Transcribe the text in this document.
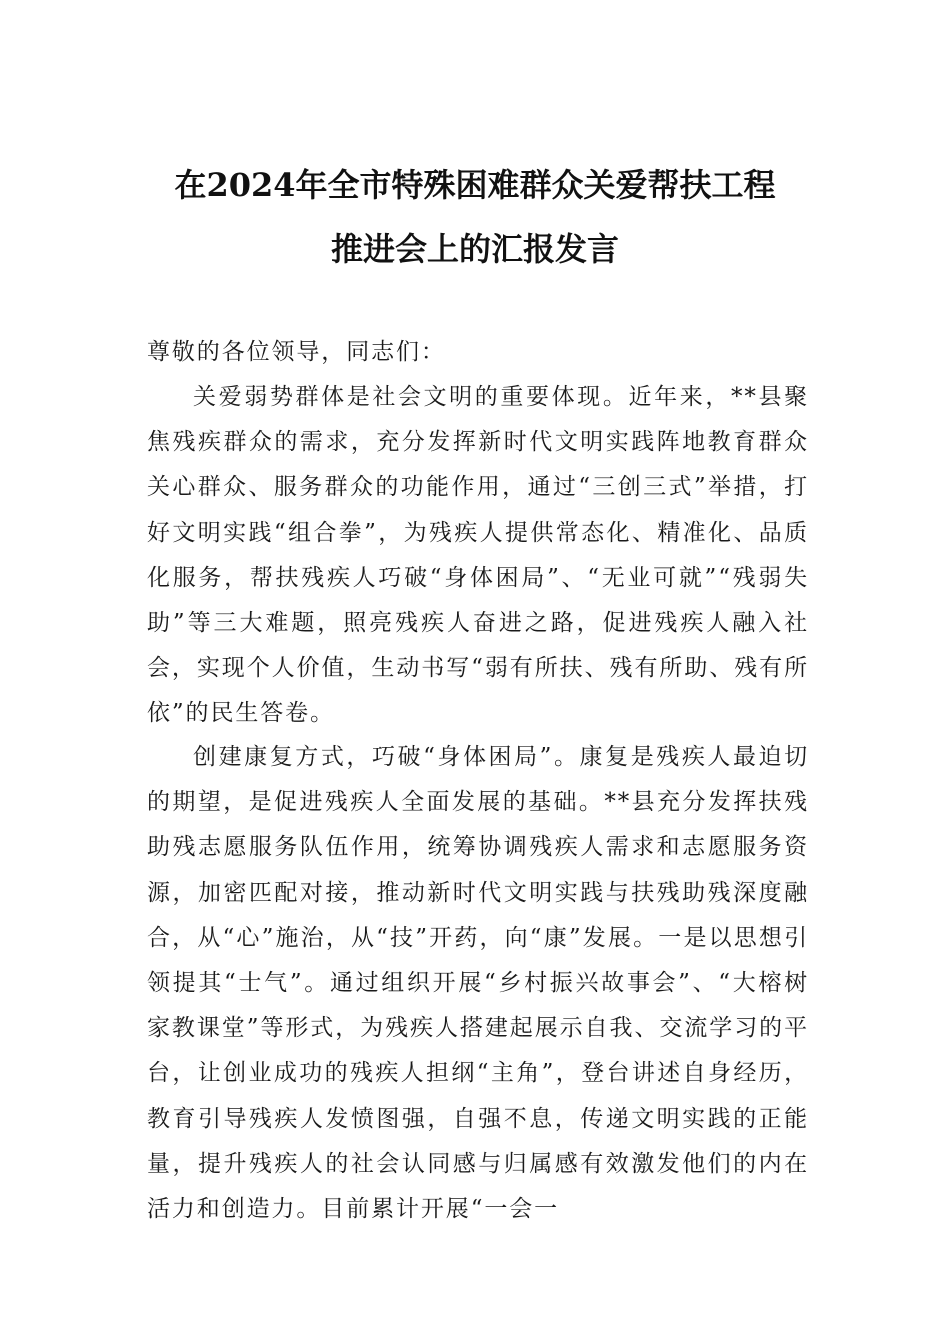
在2024年全市特殊困难群众关爱帮扶工程
推进会上的汇报发言

尊敬的各位领导，同志们：

关爱弱势群体是社会文明的重要体现。近年来，**县聚焦残疾群众的需求，充分发挥新时代文明实践阵地教育群众关心群众、服务群众的功能作用，通过“三创三式”举措，打好文明实践“组合拳”，为残疾人提供常态化、精准化、品质化服务，帮扶残疾人巧破“身体困局”、“无业可就”“残弱失助”等三大难题，照亮残疾人奋进之路，促进残疾人融入社会，实现个人价值，生动书写“弱有所扶、残有所助、残有所依”的民生答卷。

创建康复方式，巧破“身体困局”。康复是残疾人最迫切的期望，是促进残疾人全面发展的基础。**县充分发挥扶残助残志愿服务队伍作用，统筹协调残疾人需求和志愿服务资源，加密匹配对接，推动新时代文明实践与扶残助残深度融合，从“心”施治，从“技”开药，向“康”发展。一是以思想引领提其“士气”。通过组织开展“乡村振兴故事会”、“大榕树家教课堂”等形式，为残疾人搭建起展示自我、交流学习的平台，让创业成功的残疾人担纲“主角”，登台讲述自身经历，教育引导残疾人发愤图强，自强不息，传递文明实践的正能量，提升残疾人的社会认同感与归属感有效激发他们的内在活力和创造力。目前累计开展“一会一
